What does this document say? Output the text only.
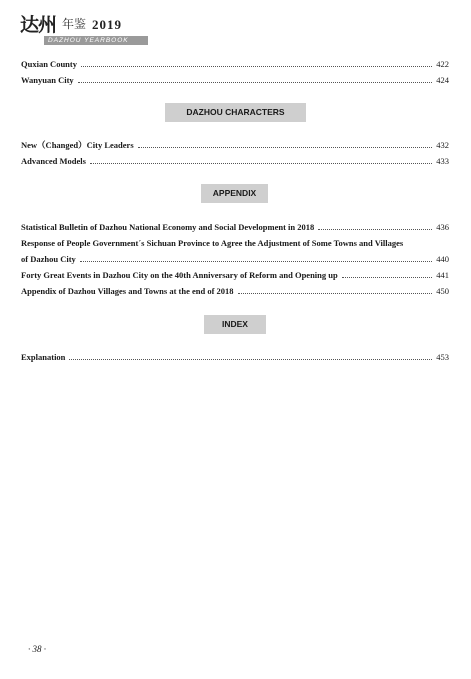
达州 年鉴 2019
DAZHOU YEARBOOK
Quxian County	422
Wanyuan City	424
DAZHOU CHARACTERS
New（Changed）City Leaders	432
Advanced Models	433
APPENDIX
Statistical Bulletin of Dazhou National Economy and Social Development in 2018	436
Response of People Government´s Sichuan Province to Agree the Adjustment of Some Towns and Villages
of Dazhou City	440
Forty Great Events in Dazhou City on the 40th Anniversary of Reform and Opening up	441
Appendix of Dazhou Villages and Towns at the end of 2018	450
INDEX
Explanation	453
· 38 ·
